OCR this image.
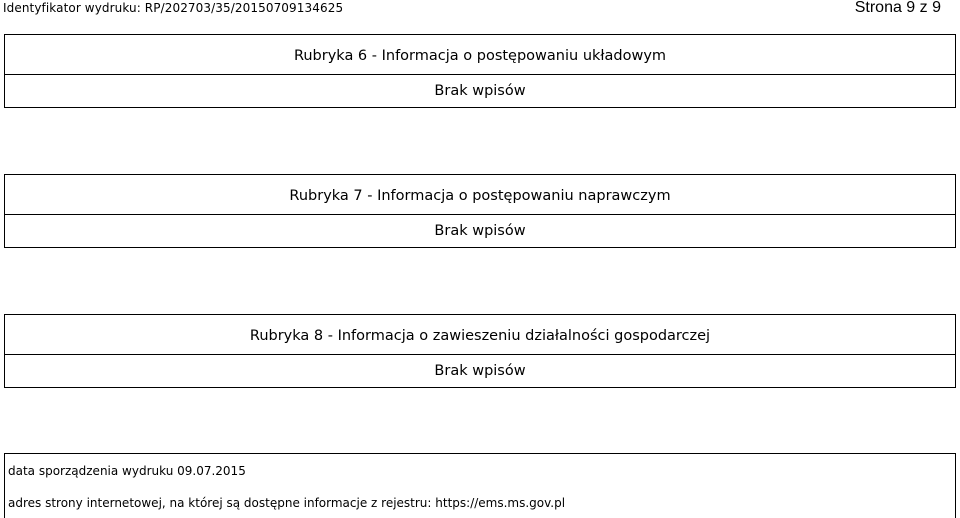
Identyfikator wydruku: RP/202703/35/20150709134625	Strona 9 z 9
Rubryka 6 - Informacja o postępowaniu układowym
Brak wpisów
Rubryka 7 - Informacja o postępowaniu naprawczym
Brak wpisów
Rubryka 8 - Informacja o zawieszeniu działalności gospodarczej
Brak wpisów
data sporządzenia wydruku 09.07.2015
adres strony internetowej, na której są dostępne informacje z rejestru: https://ems.ms.gov.pl
